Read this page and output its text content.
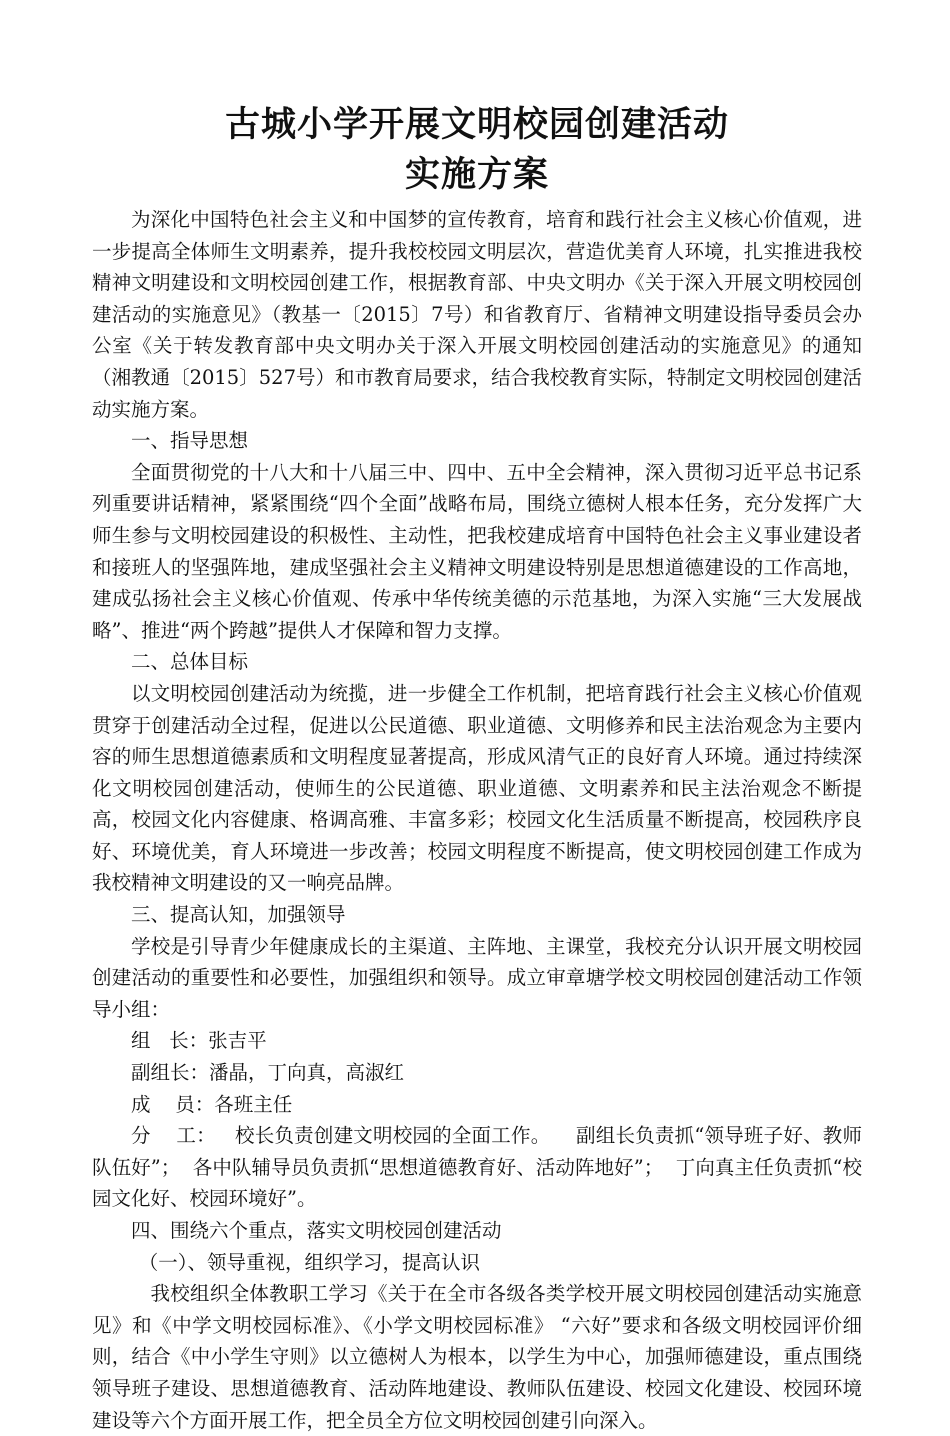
古城小学开展文明校园创建活动
实施方案

为深化中国特色社会主义和中国梦的宣传教育，培育和践行社会主义核心价值观，进一步提高全体师生文明素养，提升我校校园文明层次，营造优美育人环境，扎实推进我校精神文明建设和文明校园创建工作，根据教育部、中央文明办《关于深入开展文明校园创建活动的实施意见》（教基一〔2015〕7号）和省教育厅、省精神文明建设指导委员会办公室《关于转发教育部中央文明办关于深入开展文明校园创建活动的实施意见》的通知（湘教通〔2015〕527号）和市教育局要求，结合我校教育实际，特制定文明校园创建活动实施方案。

一、指导思想

全面贯彻党的十八大和十八届三中、四中、五中全会精神，深入贯彻习近平总书记系列重要讲话精神，紧紧围绕“四个全面”战略布局，围绕立德树人根本任务，充分发挥广大师生参与文明校园建设的积极性、主动性，把我校建成培育中国特色社会主义事业建设者和接班人的坚强阵地，建成坚强社会主义精神文明建设特别是思想道德建设的工作高地，建成弘扬社会主义核心价值观、传承中华传统美德的示范基地，为深入实施“三大发展战略”、推进“两个跨越”提供人才保障和智力支撑。

二、总体目标

以文明校园创建活动为统揽，进一步健全工作机制，把培育践行社会主义核心价值观贯穿于创建活动全过程，促进以公民道德、职业道德、文明修养和民主法治观念为主要内容的师生思想道德素质和文明程度显著提高，形成风清气正的良好育人环境。通过持续深化文明校园创建活动，使师生的公民道德、职业道德、文明素养和民主法治观念不断提高，校园文化内容健康、格调高雅、丰富多彩；校园文化生活质量不断提高，校园秩序良好、环境优美，育人环境进一步改善；校园文明程度不断提高，使文明校园创建工作成为我校精神文明建设的又一响亮品牌。

三、提高认知，加强领导

学校是引导青少年健康成长的主渠道、主阵地、主课堂，我校充分认识开展文明校园创建活动的重要性和必要性，加强组织和领导。成立审章塘学校文明校园创建活动工作领导小组：

组   长：张吉平

副组长：潘晶，丁向真，高淑红

成    员：各班主任

分    工：   校长负责创建文明校园的全面工作。    副组长负责抓“领导班子好、教师队伍好”；  各中队辅导员负责抓“思想道德教育好、活动阵地好”；  丁向真主任负责抓“校园文化好、校园环境好”。

四、围绕六个重点，落实文明校园创建活动

（一）、领导重视，组织学习，提高认识

我校组织全体教职工学习《关于在全市各级各类学校开展文明校园创建活动实施意见》和《中学文明校园标准》、《小学文明校园标准》 “六好”要求和各级文明校园评价细则，结合《中小学生守则》以立德树人为根本，以学生为中心，加强师德建设，重点围绕领导班子建设、思想道德教育、活动阵地建设、教师队伍建设、校园文化建设、校园环境建设等六个方面开展工作，把全员全方位文明校园创建引向深入。
